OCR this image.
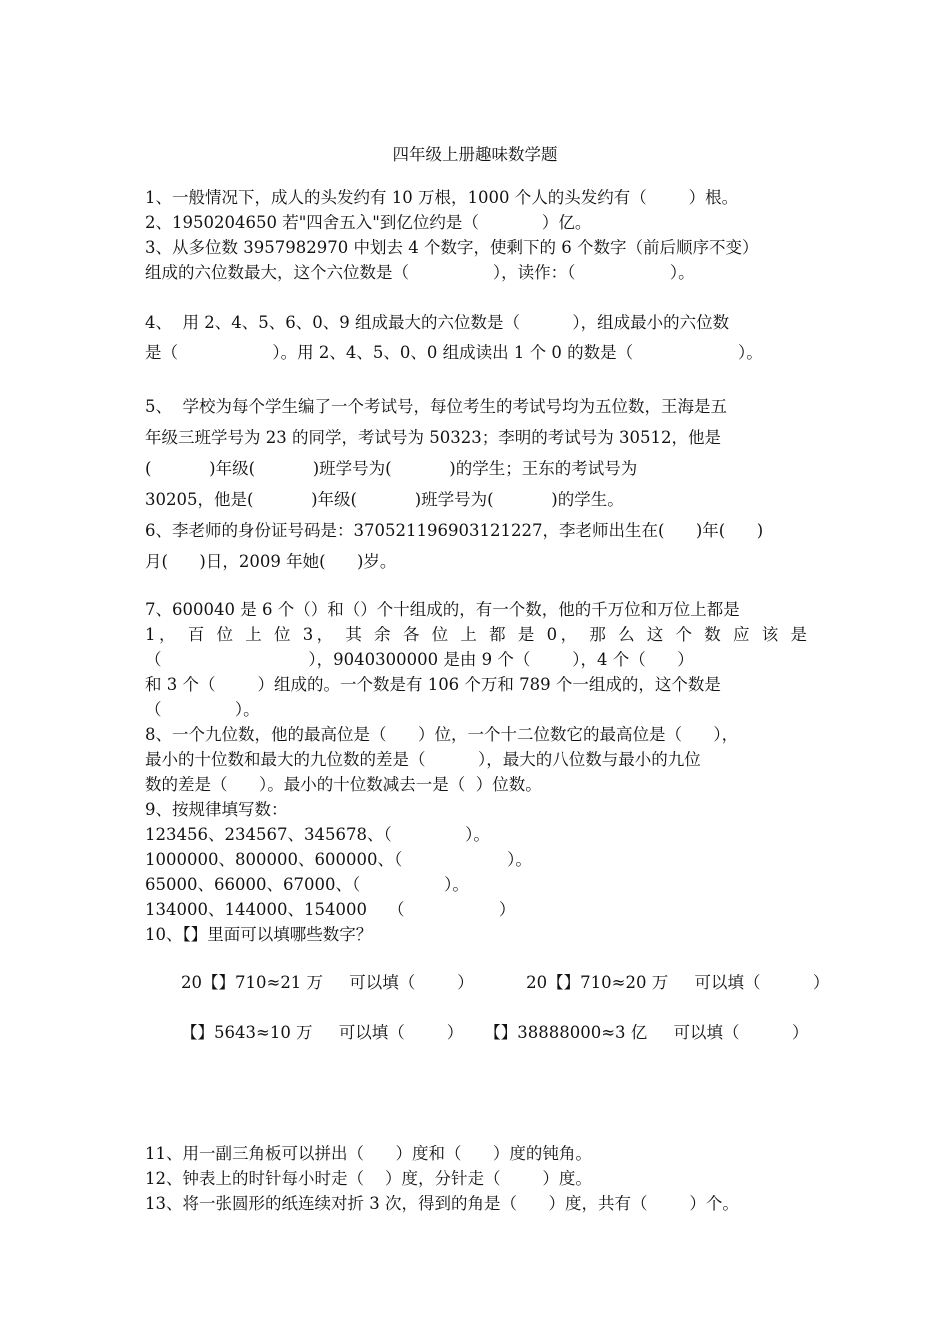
四年级上册趣味数学题
1、一般情况下，成人的头发约有 10 万根，1000 个人的头发约有（        ）根。
2、1950204650 若"四舍五入"到亿位约是（            ）亿。
3、从多位数 3957982970 中划去 4 个数字，使剩下的 6 个数字（前后顺序不变）
组成的六位数最大，这个六位数是（                ），读作：（                  ）。
4、  用 2、4、5、6、0、9 组成最大的六位数是（          ），组成最小的六位数
是（                  ）。用 2、4、5、0、0 组成读出 1 个 0 的数是（                    ）。
5、  学校为每个学生编了一个考试号，每位考生的考试号均为五位数，王海是五
年级三班学号为 23 的同学，考试号为 50323；李明的考试号为 30512，他是
(           )年级(           )班学号为(           )的学生；王东的考试号为
30205，他是(           )年级(           )班学号为(           )的学生。
6、李老师的身份证号码是：370521196903121227，李老师出生在(      )年(      )
月(      )日，2009 年她(      )岁。
7、600040 是 6 个（）和（）个十组成的，有一个数，他的千万位和万位上都是
1， 百 位 上 位 3， 其 余 各 位 上 都 是 0， 那 么 这 个 数 应 该 是
（                            ），9040300000 是由 9 个（        ），4 个（      ）
和 3 个（        ）组成的。一个数是有 106 个万和 789 个一组成的，这个数是
（              ）。
8、一个九位数，他的最高位是（      ）位，一个十二位数它的最高位是（      ），
最小的十位数和最大的九位数的差是（          ），最大的八位数与最小的九位
数的差是（      ）。最小的十位数减去一是（  ）位数。
9、按规律填写数：
123456、234567、345678、（              ）。
1000000、800000、600000、（                    ）。
65000、66000、67000、（                ）。
134000、144000、154000    （                  ）
10、【】里面可以填哪些数字？
20【】710≈21 万     可以填（        ）          20【】710≈20 万     可以填（          ）
【】5643≈10 万     可以填（        ）    【】38888000≈3 亿     可以填（          ）
11、用一副三角板可以拼出（      ）度和（      ）度的钝角。
12、钟表上的时针每小时走（    ）度，分针走（        ）度。
13、将一张圆形的纸连续对折 3 次，得到的角是（      ）度，共有（        ）个。
